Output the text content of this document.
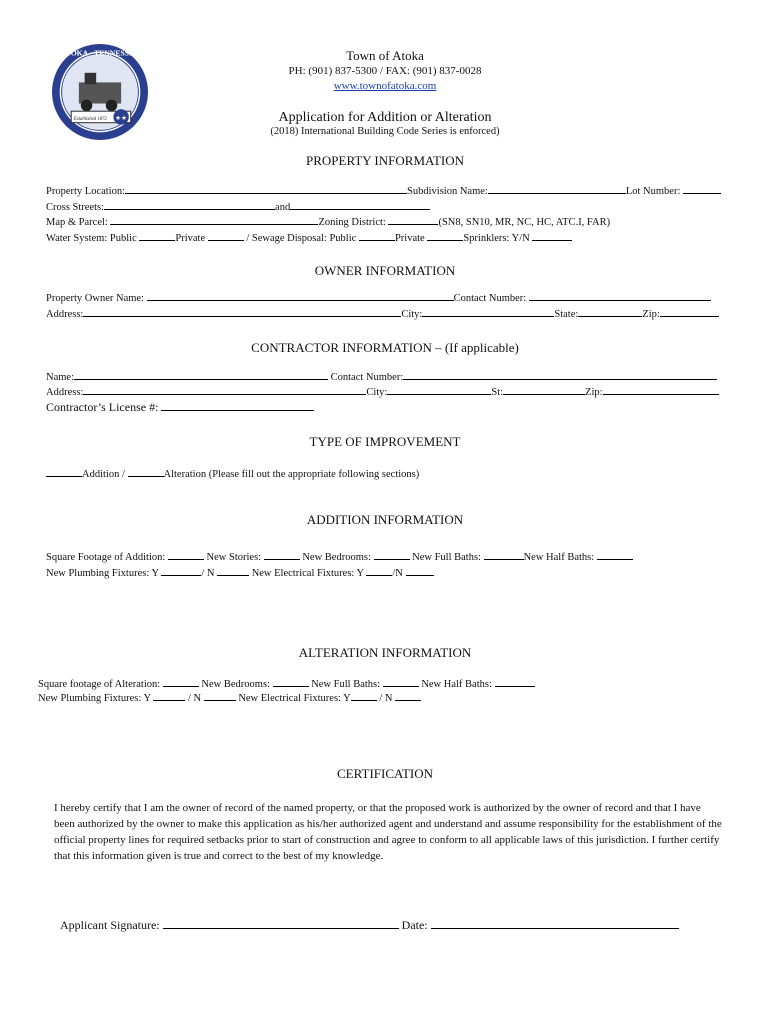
★★
ATOKA · TENNESSEE
Established 1872
Town of Atoka
PH: (901) 837-5300 / FAX: (901) 837-0028
www.townofatoka.com
Application for Addition or Alteration
(2018) International Building Code Series is enforced)
PROPERTY INFORMATION
Property Location:	Subdivision Name:	Lot Number:
Cross Streets:	and
Map & Parcel:	Zoning District:	(SN8, SN10, MR, NC, HC, ATC.I, FAR)
Water System: Public	Private	/ Sewage Disposal: Public	Private	Sprinklers: Y/N
OWNER INFORMATION
Property Owner Name:	Contact Number:
Address:	City:	State:	Zip:
CONTRACTOR INFORMATION – (If applicable)
Name:	Contact Number:
Address:	City:	St:	Zip:
Contractor’s License #:
TYPE OF IMPROVEMENT
Addition /	Alteration (Please fill out the appropriate following sections)
ADDITION INFORMATION
Square Footage of Addition:	New Stories:	New Bedrooms:	New Full Baths:	New Half Baths:
New Plumbing Fixtures: Y	/ N	New Electrical Fixtures: Y	/N
ALTERATION INFORMATION
Square footage of Alteration:	New Bedrooms:	New Full Baths:	New Half Baths:
New Plumbing Fixtures: Y	/ N	New Electrical Fixtures: Y	/ N
CERTIFICATION
I hereby certify that I am the owner of record of the named property, or that the proposed work is authorized by the owner of record and that I have been authorized by the owner to make this application as his/her authorized agent and understand and assume responsibility for the establishment of the official property lines for required setbacks prior to start of construction and agree to conform to all applicable laws of this jurisdiction. I further certify that this information given is true and correct to the best of my knowledge.
Applicant Signature:	Date:
